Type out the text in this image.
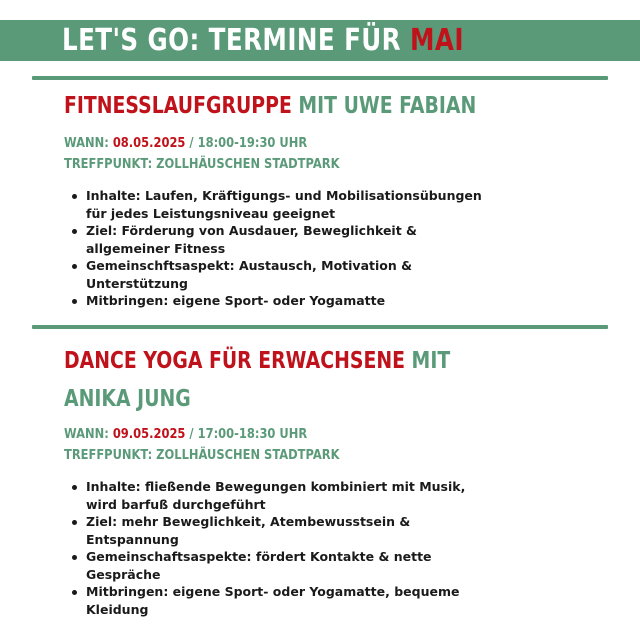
LET'S GO: TERMINE FÜR MAI
FITNESSLAUFGRUPPE MIT UWE FABIAN
WANN: 08.05.2025 / 18:00-19:30 UHR
TREFFPUNKT: ZOLLHÄUSCHEN STADTPARK
Inhalte: Laufen, Kräftigungs- und Mobilisationsübungen
für jedes Leistungsniveau geeignet
Ziel: Förderung von Ausdauer, Beweglichkeit &
allgemeiner Fitness
Gemeinschftsaspekt: Austausch, Motivation &
Unterstützung
Mitbringen: eigene Sport- oder Yogamatte
DANCE YOGA FÜR ERWACHSENE MIT
ANIKA JUNG
WANN: 09.05.2025 / 17:00-18:30 UHR
TREFFPUNKT: ZOLLHÄUSCHEN STADTPARK
Inhalte: fließende Bewegungen kombiniert mit Musik,
wird barfuß durchgeführt
Ziel: mehr Beweglichkeit, Atembewusstsein &
Entspannung
Gemeinschaftsaspekte: fördert Kontakte & nette
Gespräche
Mitbringen: eigene Sport- oder Yogamatte, bequeme
Kleidung
